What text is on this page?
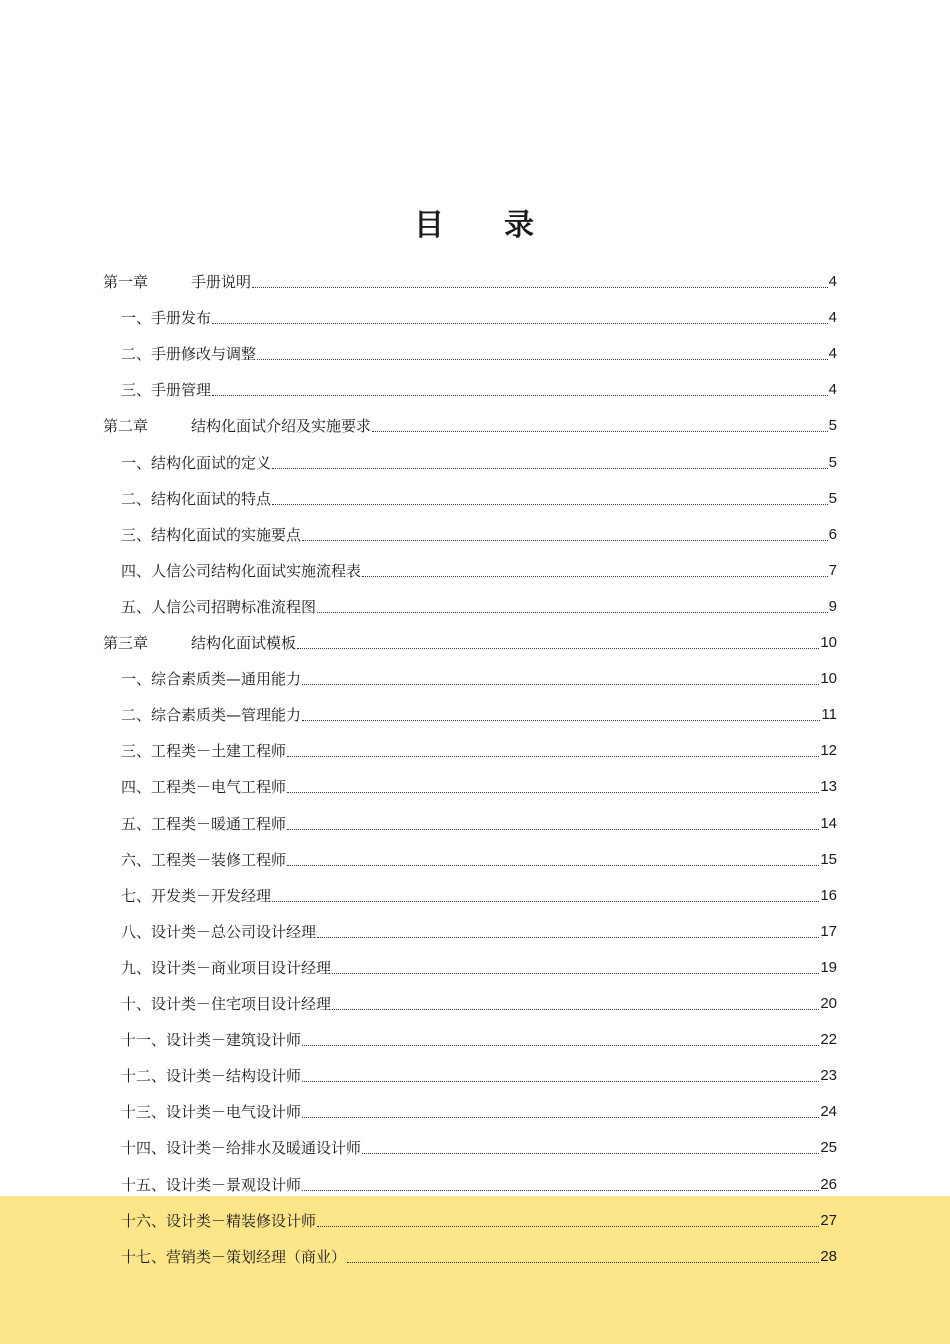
目 录
第一章	手册说明	4
一、手册发布	4
二、手册修改与调整	4
三、手册管理	4
第二章	结构化面试介绍及实施要求	5
一、结构化面试的定义	5
二、结构化面试的特点	5
三、结构化面试的实施要点	6
四、人信公司结构化面试实施流程表	7
五、人信公司招聘标准流程图	9
第三章	结构化面试模板	10
一、综合素质类—通用能力	10
二、综合素质类—管理能力	11
三、工程类－土建工程师	12
四、工程类－电气工程师	13
五、工程类－暖通工程师	14
六、工程类－装修工程师	15
七、开发类－开发经理	16
八、设计类－总公司设计经理	17
九、设计类－商业项目设计经理	19
十、设计类－住宅项目设计经理	20
十一、设计类－建筑设计师	22
十二、设计类－结构设计师	23
十三、设计类－电气设计师	24
十四、设计类－给排水及暖通设计师	25
十五、设计类－景观设计师	26
十六、设计类－精装修设计师	27
十七、营销类－策划经理（商业）	28
